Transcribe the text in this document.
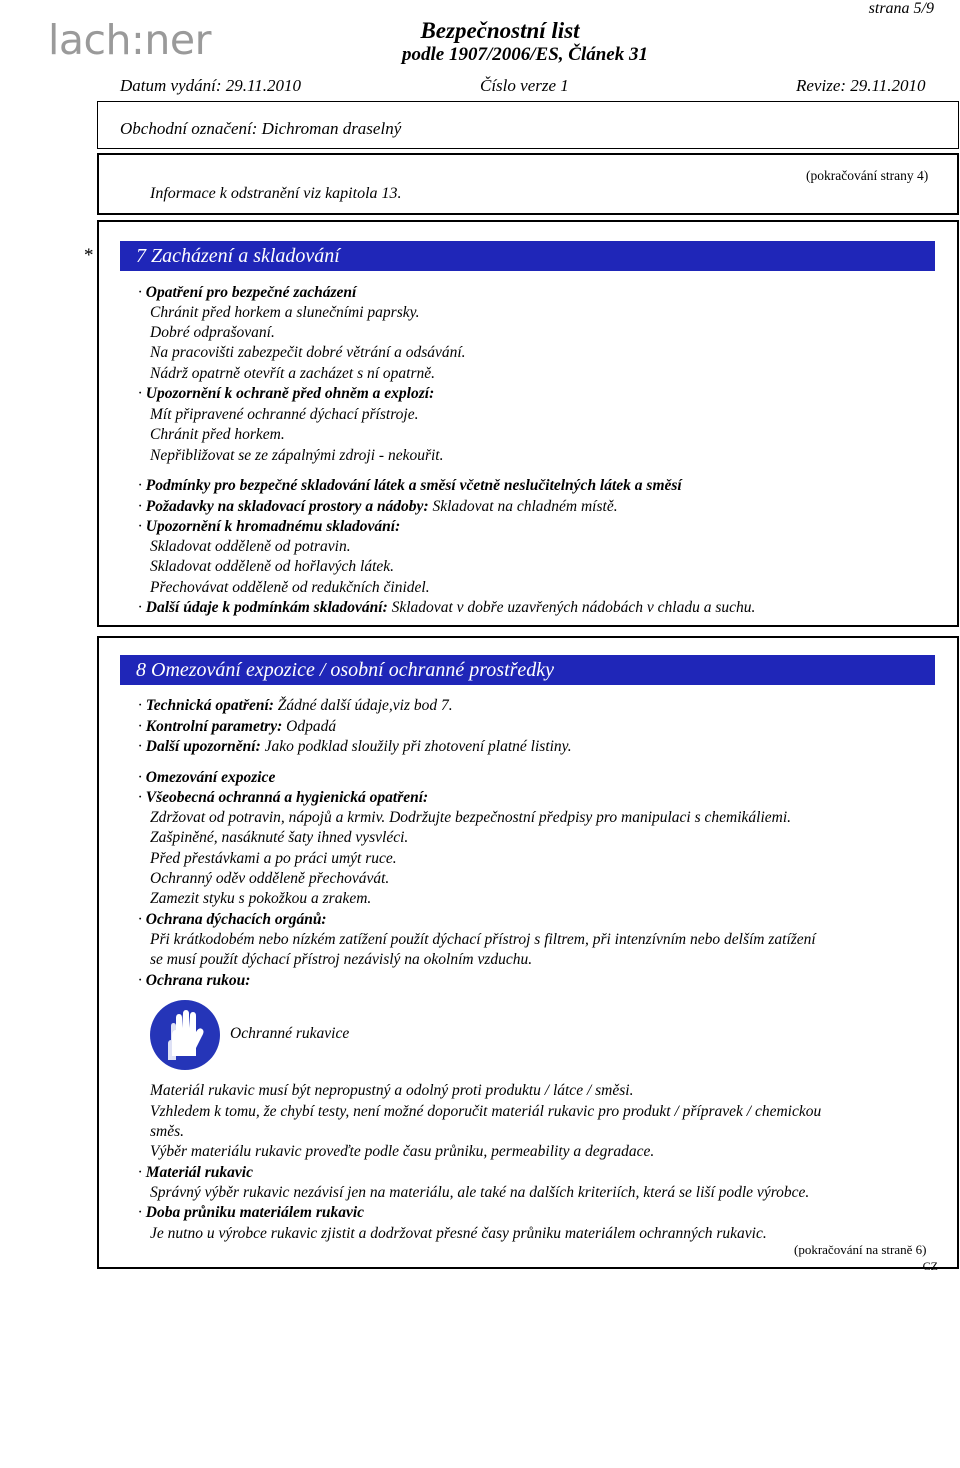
lach:ner
strana 5/9
Bezpečnostní list
podle 1907/2006/ES, Článek 31
Datum vydání: 29.11.2010	Číslo verze 1	Revize: 29.11.2010
Obchodní označení: Dichroman draselný
(pokračování strany 4)
Informace k odstranění viz kapitola 13.
*	7 Zacházení a skladování
· Opatření pro bezpečné zacházení
Chránit před horkem a slunečními paprsky.
Dobré odprašovaní.
Na pracovišti zabezpečit dobré větrání a odsávání.
Nádrž opatrně otevřít a zacházet s ní opatrně.
· Upozornění k ochraně před ohněm a explozí:
Mít připravené ochranné dýchací přístroje.
Chránit před horkem.
Nepřibližovat se ze zápalnými zdroji - nekouřit.
· Podmínky pro bezpečné skladování látek a směsí včetně neslučitelných látek a směsí
· Požadavky na skladovací prostory a nádoby: Skladovat na chladném místě.
· Upozornění k hromadnému skladování:
Skladovat odděleně od potravin.
Skladovat odděleně od hořlavých látek.
Přechovávat odděleně od redukčních činidel.
· Další údaje k podmínkám skladování: Skladovat v dobře uzavřených nádobách v chladu a suchu.
8 Omezování expozice / osobní ochranné prostředky
· Technická opatření: Žádné další údaje,viz bod 7.
· Kontrolní parametry: Odpadá
· Další upozornění: Jako podklad sloužily při zhotovení platné listiny.
· Omezování expozice
· Všeobecná ochranná a hygienická opatření:
Zdržovat od potravin, nápojů a krmiv. Dodržujte bezpečnostní předpisy pro manipulaci s chemikáliemi.
Zašpiněné, nasáknuté šaty ihned vysvléci.
Před přestávkami a po práci umýt ruce.
Ochranný oděv odděleně přechovávát.
Zamezit styku s pokožkou a zrakem.
· Ochrana dýchacích orgánů:
Při krátkodobém nebo nízkém zatížení použít dýchací přístroj s filtrem, při intenzívním nebo delším zatížení
se musí použít dýchací přístroj nezávislý na okolním vzduchu.
· Ochrana rukou:
Ochranné rukavice
Materiál rukavic musí být nepropustný a odolný proti produktu / látce / směsi.
Vzhledem k tomu, že chybí testy, není možné doporučit materiál rukavic pro produkt / přípravek / chemickou
směs.
Výběr materiálu rukavic proveďte podle času průniku, permeability a degradace.
· Materiál rukavic
Správný výběr rukavic nezávisí jen na materiálu, ale také na dalších kriteriích, která se liší podle výrobce.
· Doba průniku materiálem rukavic
Je nutno u výrobce rukavic zjistit a dodržovat přesné časy průniku materiálem ochranných rukavic.
(pokračování na straně 6)
CZ
